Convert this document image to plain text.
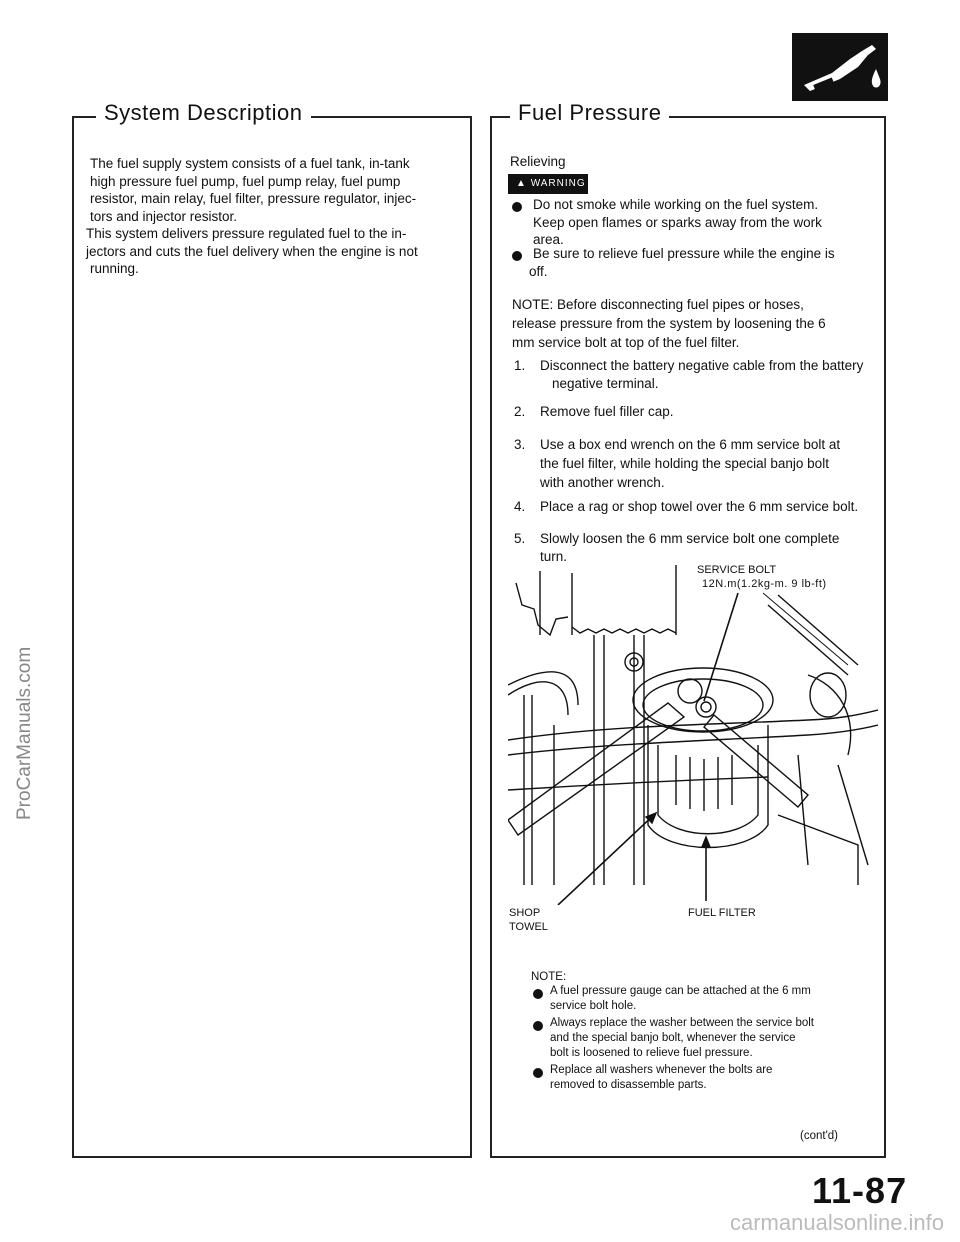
ProCarManuals.com
System Description
The fuel supply system consists of a fuel tank, in-tank
high pressure fuel pump, fuel pump relay, fuel pump
resistor, main relay, fuel filter, pressure regulator, injec-
tors and injector resistor.
This system delivers pressure regulated fuel to the in-
jectors and cuts the fuel delivery when the engine is not
running.
Fuel Pressure
Relieving
▲ WARNING
Do not smoke while working on the fuel system.
Keep open flames or sparks away from the work
area.
Be sure to relieve fuel pressure while the engine is
off.
NOTE: Before disconnecting fuel pipes or hoses,
release pressure from the system by loosening the 6
mm service bolt at top of the fuel filter.
1. Disconnect the battery negative cable from the battery
negative terminal.
2. Remove fuel filler cap.
3. Use a box end wrench on the 6 mm service bolt at
the fuel filter, while holding the special banjo bolt
with another wrench.
4. Place a rag or shop towel over the 6 mm service bolt.
5. Slowly loosen the 6 mm service bolt one complete
turn.
SERVICE BOLT
12N.m(1.2kg-m. 9 lb-ft)
SHOP
TOWEL
FUEL FILTER
NOTE:
A fuel pressure gauge can be attached at the 6 mm
service bolt hole.
Always replace the washer between the service bolt
and the special banjo bolt, whenever the service
bolt is loosened to relieve fuel pressure.
Replace all washers whenever the bolts are
removed to disassemble parts.
(cont'd)
11-87
carmanualsonline.info
